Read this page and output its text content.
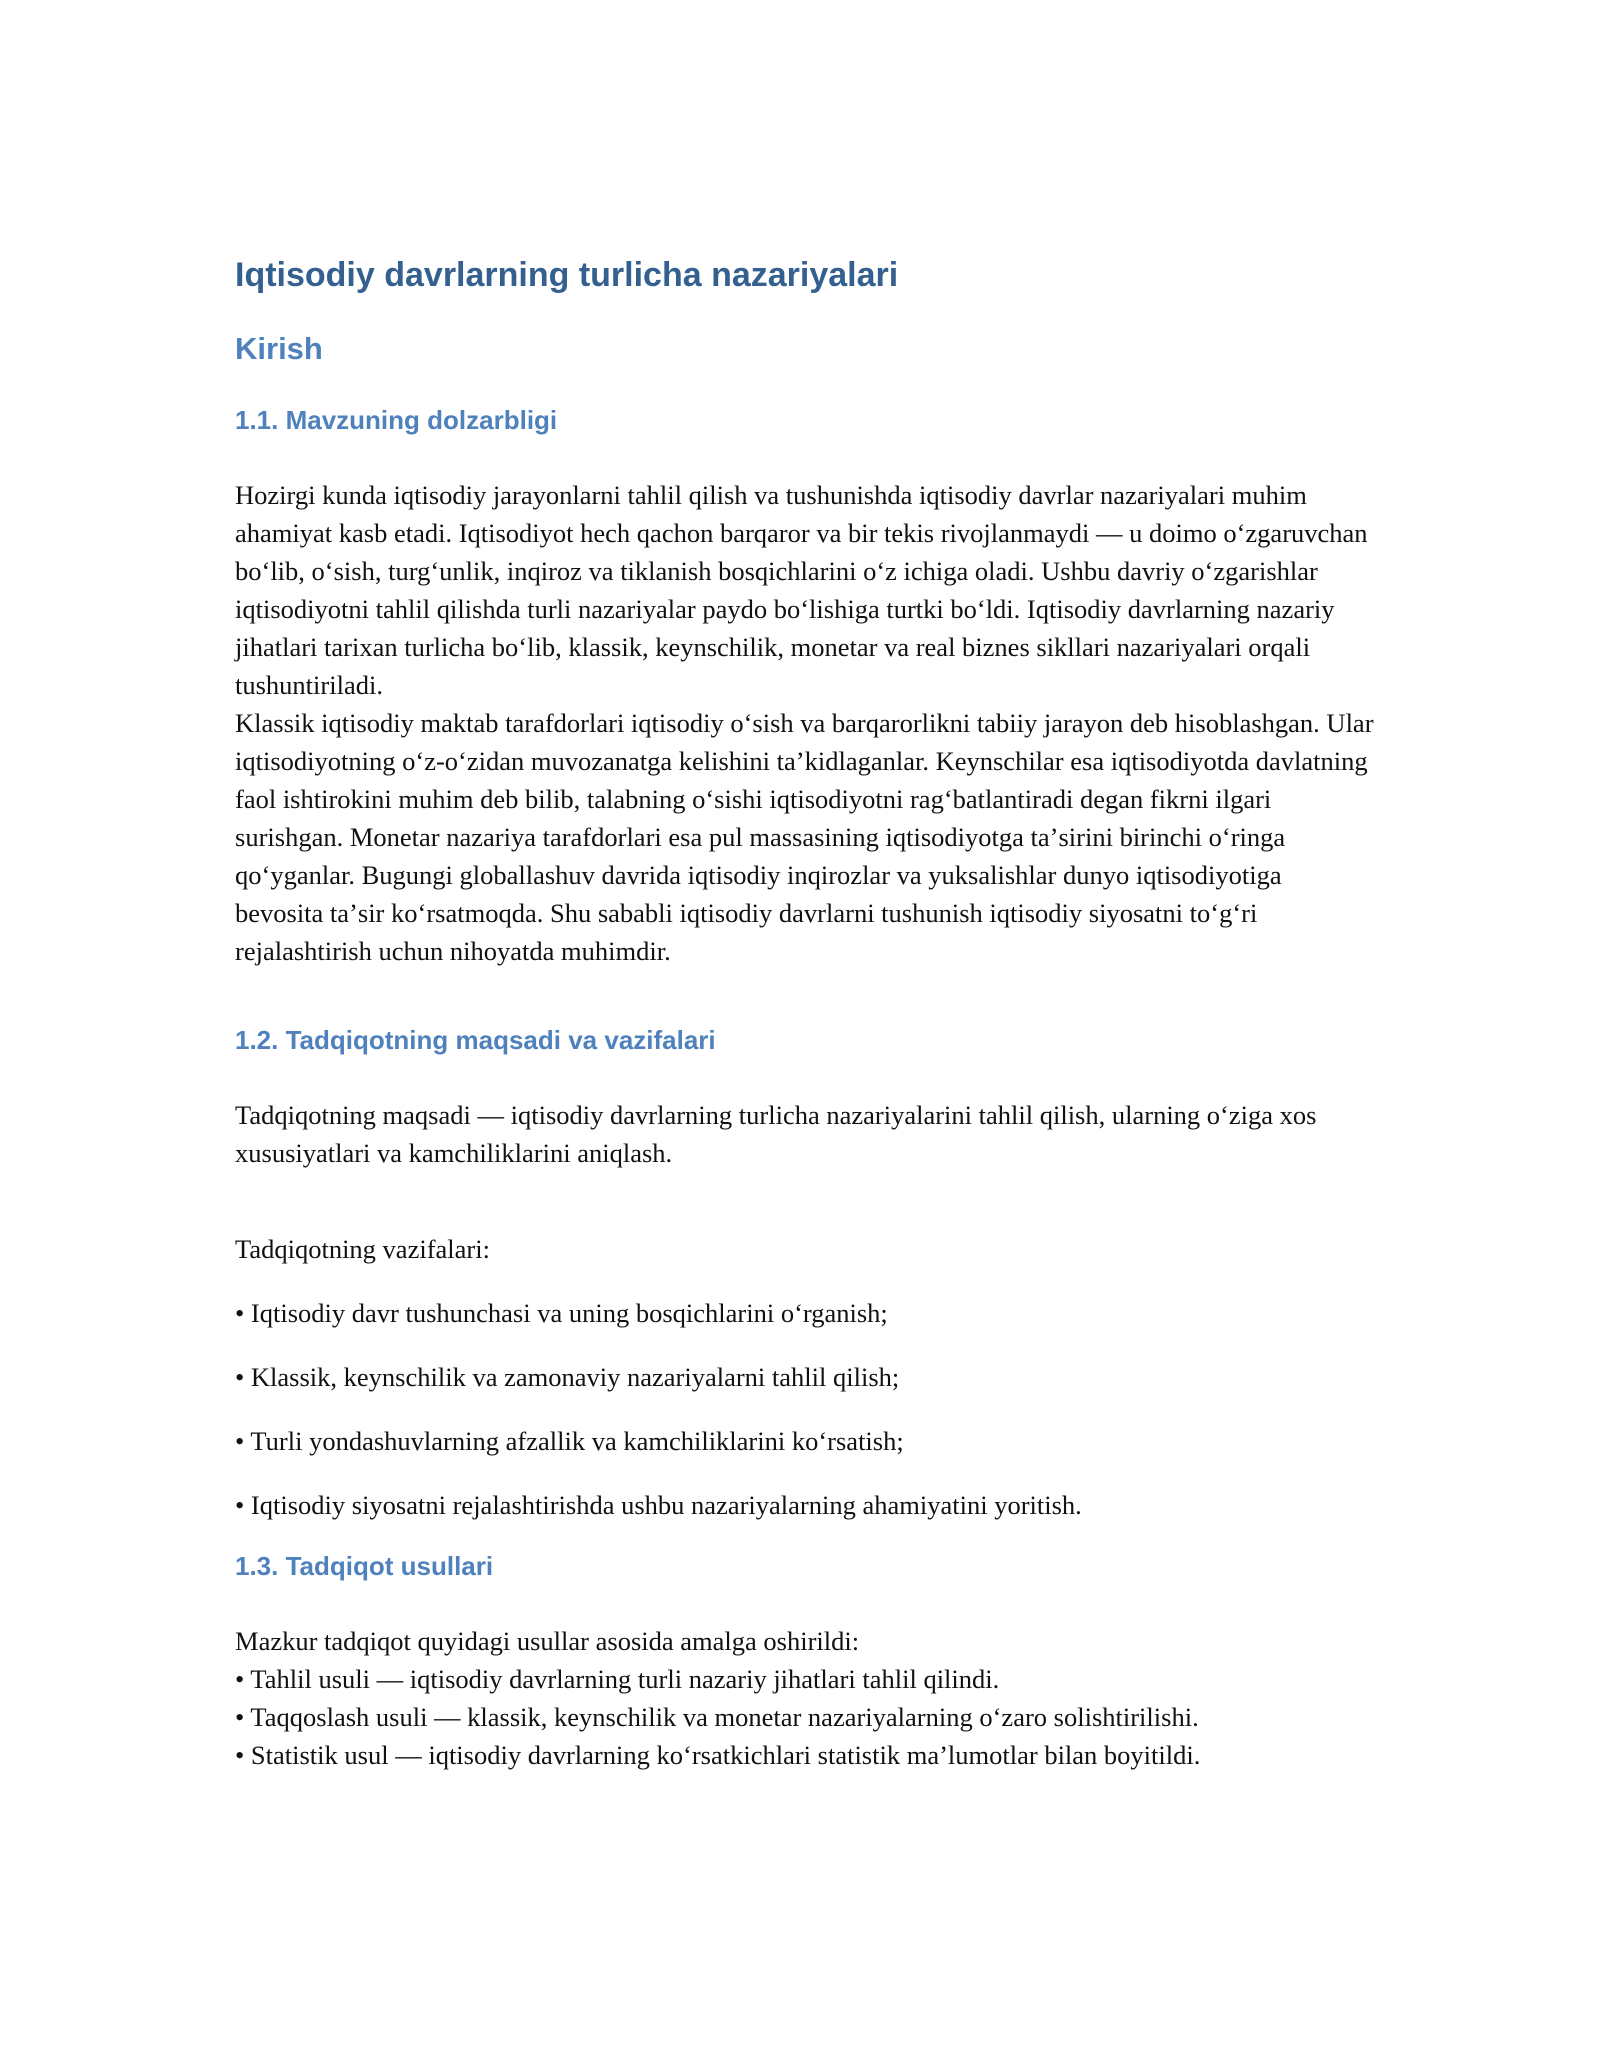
Iqtisodiy davrlarning turlicha nazariyalari
Kirish
1.1. Mavzuning dolzarbligi

Hozirgi kunda iqtisodiy jarayonlarni tahlil qilish va tushunishda iqtisodiy davrlar nazariyalari muhim ahamiyat kasb etadi. Iqtisodiyot hech qachon barqaror va bir tekis rivojlanmaydi — u doimo oʻzgaruvchan boʻlib, oʻsish, turgʻunlik, inqiroz va tiklanish bosqichlarini oʻz ichiga oladi. Ushbu davriy oʻzgarishlar iqtisodiyotni tahlil qilishda turli nazariyalar paydo boʻlishiga turtki boʻldi. Iqtisodiy davrlarning nazariy jihatlari tarixan turlicha boʻlib, klassik, keynschilik, monetar va real biznes sikllari nazariyalari orqali tushuntiriladi.

Klassik iqtisodiy maktab tarafdorlari iqtisodiy oʻsish va barqarorlikni tabiiy jarayon deb hisoblashgan. Ular iqtisodiyotning oʻz-oʻzidan muvozanatga kelishini taʼkidlaganlar. Keynschilar esa iqtisodiyotda davlatning faol ishtirokini muhim deb bilib, talabning oʻsishi iqtisodiyotni ragʻbatlantiradi degan fikrni ilgari surishgan. Monetar nazariya tarafdorlari esa pul massasining iqtisodiyotga taʼsirini birinchi oʻringa qoʻyganlar. Bugungi globallashuv davrida iqtisodiy inqirozlar va yuksalishlar dunyo iqtisodiyotiga bevosita taʼsir koʻrsatmoqda. Shu sababli iqtisodiy davrlarni tushunish iqtisodiy siyosatni toʻgʻri rejalashtirish uchun nihoyatda muhimdir.

1.2. Tadqiqotning maqsadi va vazifalari

Tadqiqotning maqsadi — iqtisodiy davrlarning turlicha nazariyalarini tahlil qilish, ularning oʻziga xos xususiyatlari va kamchiliklarini aniqlash.

Tadqiqotning vazifalari:

• Iqtisodiy davr tushunchasi va uning bosqichlarini oʻrganish;

• Klassik, keynschilik va zamonaviy nazariyalarni tahlil qilish;

• Turli yondashuvlarning afzallik va kamchiliklarini koʻrsatish;

• Iqtisodiy siyosatni rejalashtirishda ushbu nazariyalarning ahamiyatini yoritish.

1.3. Tadqiqot usullari

Mazkur tadqiqot quyidagi usullar asosida amalga oshirildi:

• Tahlil usuli — iqtisodiy davrlarning turli nazariy jihatlari tahlil qilindi.

• Taqqoslash usuli — klassik, keynschilik va monetar nazariyalarning oʻzaro solishtirilishi.

• Statistik usul — iqtisodiy davrlarning koʻrsatkichlari statistik maʼlumotlar bilan boyitildi.
